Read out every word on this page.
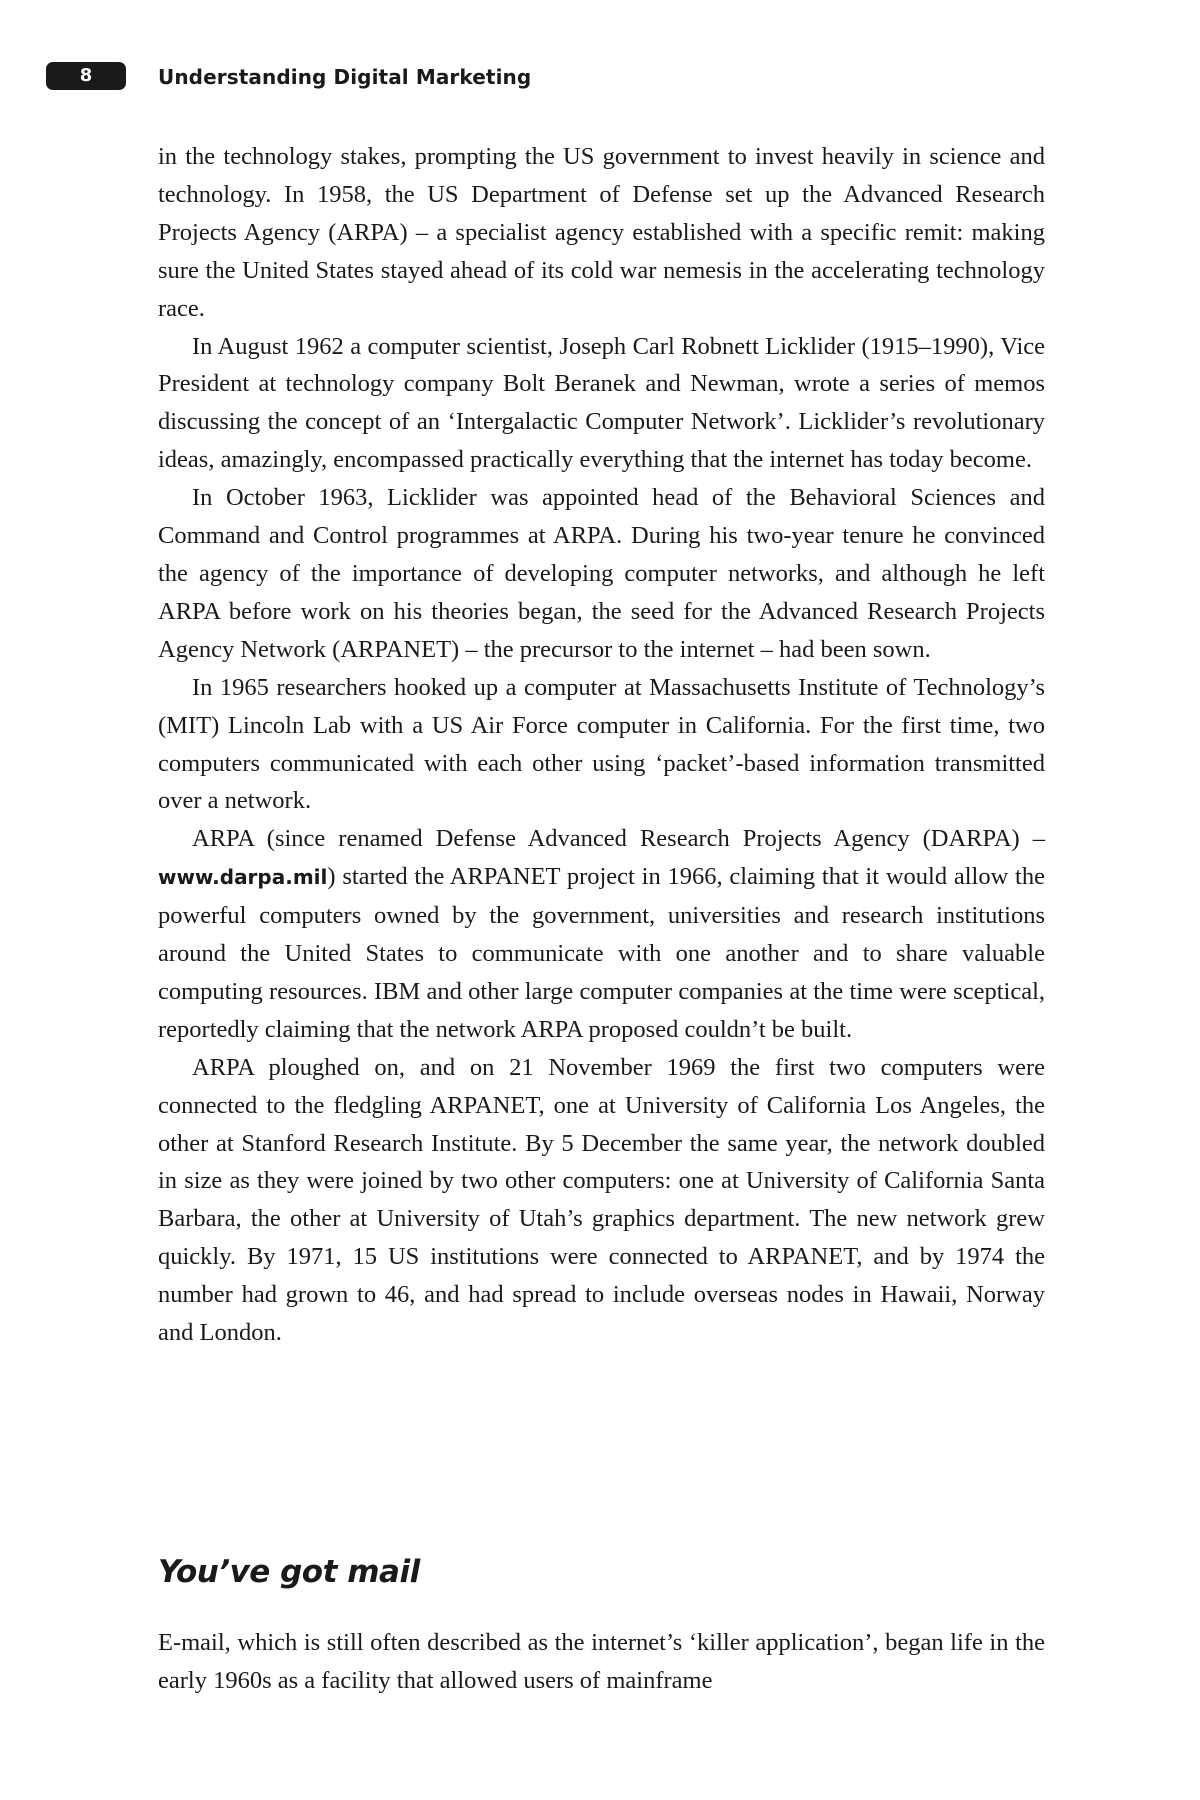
8	Understanding Digital Marketing

in the technology stakes, prompting the US government to invest heavily in science and technology. In 1958, the US Department of Defense set up the Advanced Research Projects Agency (ARPA) – a specialist agency established with a specific remit: making sure the United States stayed ahead of its cold war nemesis in the accelerating technology race.

In August 1962 a computer scientist, Joseph Carl Robnett Licklider (1915–1990), Vice President at technology company Bolt Beranek and Newman, wrote a series of memos discussing the concept of an ‘Intergalactic Computer Network’. Licklider’s revolutionary ideas, amazingly, encompassed practically everything that the internet has today become.

In October 1963, Licklider was appointed head of the Behavioral Sciences and Command and Control programmes at ARPA. During his two-year tenure he convinced the agency of the importance of developing computer networks, and although he left ARPA before work on his theories began, the seed for the Advanced Research Projects Agency Network (ARPANET) – the precursor to the internet – had been sown.

In 1965 researchers hooked up a computer at Massachusetts Institute of Technology’s (MIT) Lincoln Lab with a US Air Force computer in California. For the first time, two computers communicated with each other using ‘packet’-based information transmitted over a network.

ARPA (since renamed Defense Advanced Research Projects Agency (DARPA) – www.darpa.mil) started the ARPANET project in 1966, claiming that it would allow the powerful computers owned by the government, universities and research institutions around the United States to communicate with one another and to share valuable computing resources. IBM and other large computer companies at the time were sceptical, reportedly claiming that the network ARPA proposed couldn’t be built.

ARPA ploughed on, and on 21 November 1969 the first two computers were connected to the fledgling ARPANET, one at University of California Los Angeles, the other at Stanford Research Institute. By 5 December the same year, the network doubled in size as they were joined by two other computers: one at University of California Santa Barbara, the other at University of Utah’s graphics department. The new network grew quickly. By 1971, 15 US institutions were connected to ARPANET, and by 1974 the number had grown to 46, and had spread to include overseas nodes in Hawaii, Norway and London.

You’ve got mail

E-mail, which is still often described as the internet’s ‘killer application’, began life in the early 1960s as a facility that allowed users of mainframe
